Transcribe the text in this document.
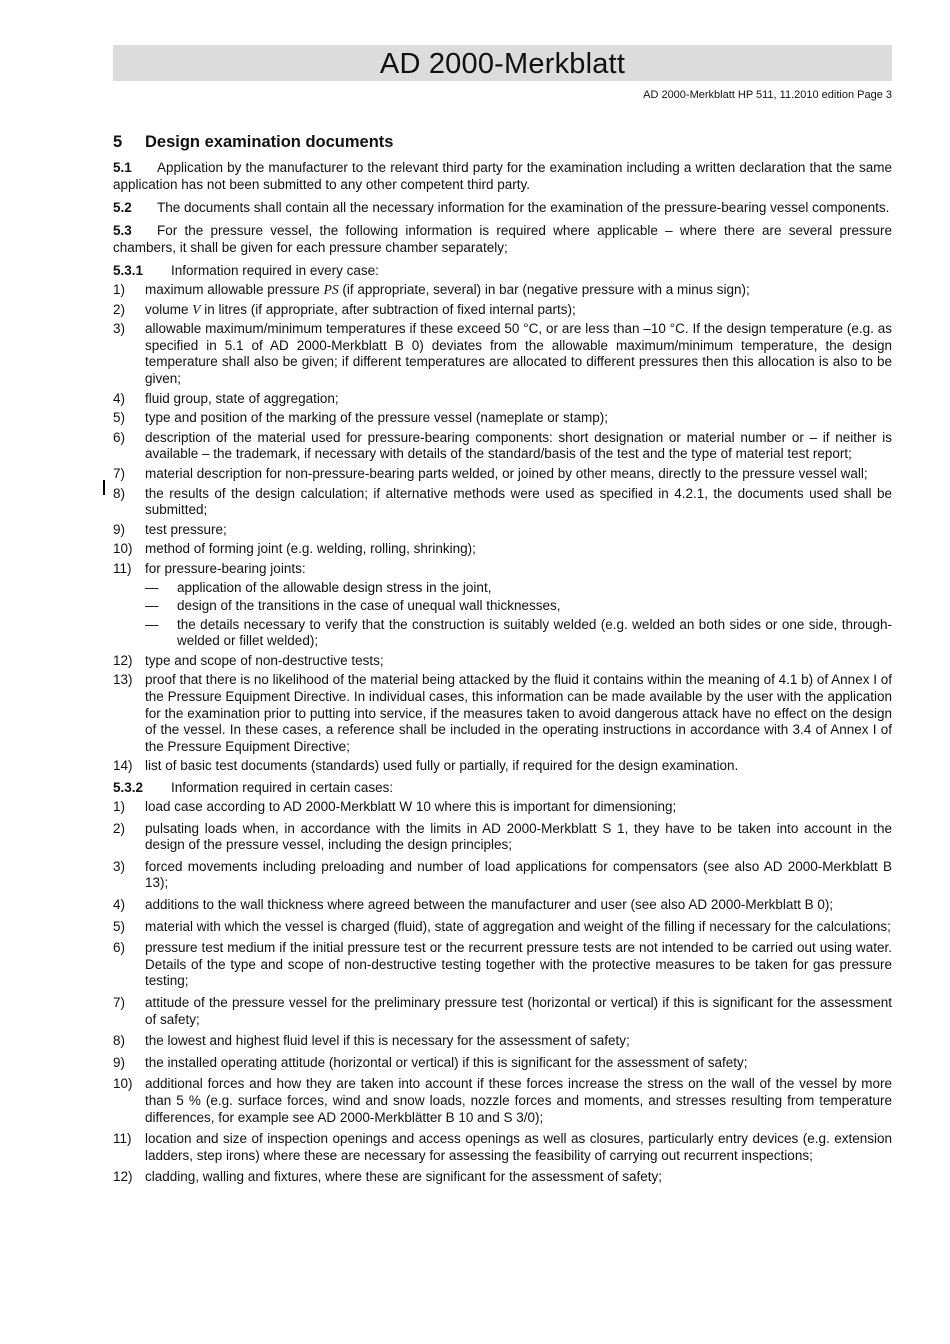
AD 2000-Merkblatt
AD 2000-Merkblatt HP 511, 11.2010 edition Page 3
5 Design examination documents

5.1 Application by the manufacturer to the relevant third party for the examination including a written declaration that the same application has not been submitted to any other competent third party.

5.2 The documents shall contain all the necessary information for the examination of the pressure-bearing vessel components.

5.3 For the pressure vessel, the following information is required where applicable – where there are several pressure chambers, it shall be given for each pressure chamber separately;

5.3.1 Information required in every case:

1) maximum allowable pressure PS (if appropriate, several) in bar (negative pressure with a minus sign);
2) volume V in litres (if appropriate, after subtraction of fixed internal parts);
3) allowable maximum/minimum temperatures if these exceed 50 °C, or are less than –10 °C. If the design temperature (e.g. as specified in 5.1 of AD 2000-Merkblatt B 0) deviates from the allowable maximum/minimum temperature, the design temperature shall also be given; if different temperatures are allocated to different pressures then this allocation is also to be given;
4) fluid group, state of aggregation;
5) type and position of the marking of the pressure vessel (nameplate or stamp);
6) description of the material used for pressure-bearing components: short designation or material number or – if neither is available – the trademark, if necessary with details of the standard/basis of the test and the type of material test report;
7) material description for non-pressure-bearing parts welded, or joined by other means, directly to the pressure vessel wall;
8) the results of the design calculation; if alternative methods were used as specified in 4.2.1, the documents used shall be submitted;
9) test pressure;
10) method of forming joint (e.g. welding, rolling, shrinking);
11) for pressure-bearing joints:
— application of the allowable design stress in the joint,
— design of the transitions in the case of unequal wall thicknesses,
— the details necessary to verify that the construction is suitably welded (e.g. welded an both sides or one side, through-welded or fillet welded);
12) type and scope of non-destructive tests;
13) proof that there is no likelihood of the material being attacked by the fluid it contains within the meaning of 4.1 b) of Annex I of the Pressure Equipment Directive. In individual cases, this information can be made available by the user with the application for the examination prior to putting into service, if the measures taken to avoid dangerous attack have no effect on the design of the vessel. In these cases, a reference shall be included in the operating instructions in accordance with 3.4 of Annex I of the Pressure Equipment Directive;
14) list of basic test documents (standards) used fully or partially, if required for the design examination.

5.3.2 Information required in certain cases:

1) load case according to AD 2000-Merkblatt W 10 where this is important for dimensioning;
2) pulsating loads when, in accordance with the limits in AD 2000-Merkblatt S 1, they have to be taken into account in the design of the pressure vessel, including the design principles;
3) forced movements including preloading and number of load applications for compensators (see also AD 2000-Merkblatt B 13);
4) additions to the wall thickness where agreed between the manufacturer and user (see also AD 2000-Merkblatt B 0);
5) material with which the vessel is charged (fluid), state of aggregation and weight of the filling if necessary for the calculations;
6) pressure test medium if the initial pressure test or the recurrent pressure tests are not intended to be carried out using water. Details of the type and scope of non-destructive testing together with the protective measures to be taken for gas pressure testing;
7) attitude of the pressure vessel for the preliminary pressure test (horizontal or vertical) if this is significant for the assessment of safety;
8) the lowest and highest fluid level if this is necessary for the assessment of safety;
9) the installed operating attitude (horizontal or vertical) if this is significant for the assessment of safety;
10) additional forces and how they are taken into account if these forces increase the stress on the wall of the vessel by more than 5 % (e.g. surface forces, wind and snow loads, nozzle forces and moments, and stresses resulting from temperature differences, for example see AD 2000-Merkblätter B 10 and S 3/0);
11) location and size of inspection openings and access openings as well as closures, particularly entry devices (e.g. extension ladders, step irons) where these are necessary for assessing the feasibility of carrying out recurrent inspections;
12) cladding, walling and fixtures, where these are significant for the assessment of safety;
